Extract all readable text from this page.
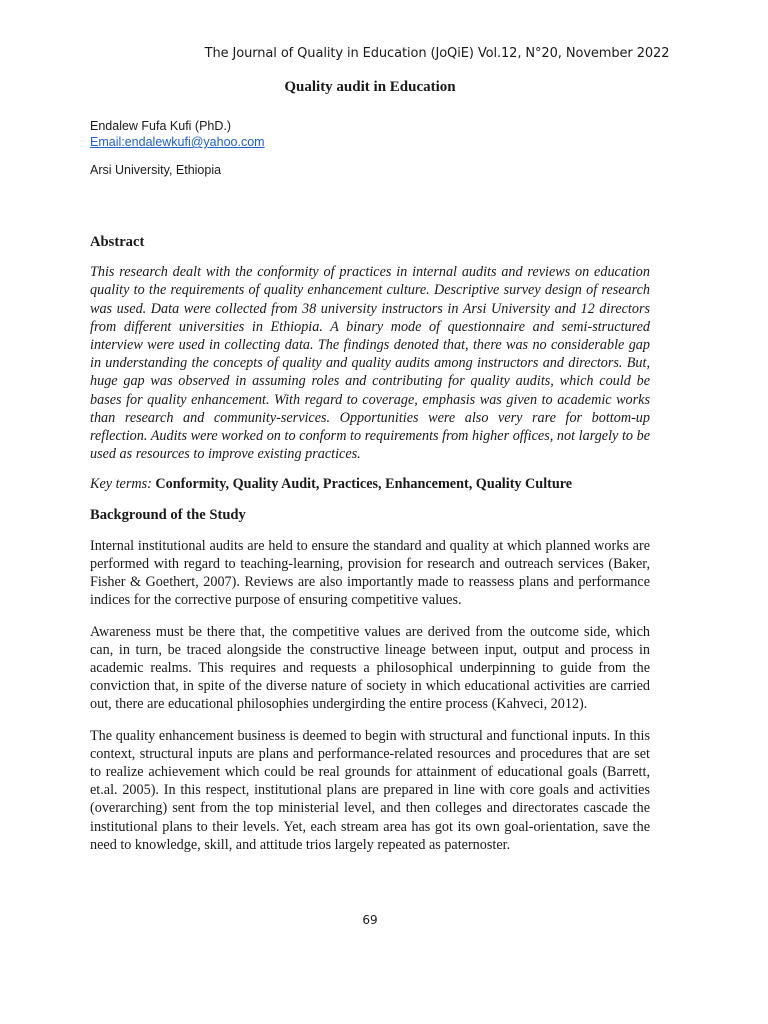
The Journal of Quality in Education (JoQiE) Vol.12, N°20, November 2022
Quality audit in Education
Endalew Fufa Kufi (PhD.)
Email:endalewkufi@yahoo.com
Arsi University, Ethiopia

Abstract

This research dealt with the conformity of practices in internal audits and reviews on education quality to the requirements of quality enhancement culture. Descriptive survey design of research was used. Data were collected from 38 university instructors in Arsi University and 12 directors from different universities in Ethiopia. A binary mode of questionnaire and semi-structured interview were used in collecting data. The findings denoted that, there was no considerable gap in understanding the concepts of quality and quality audits among instructors and directors. But, huge gap was observed in assuming roles and contributing for quality audits, which could be bases for quality enhancement. With regard to coverage, emphasis was given to academic works than research and community-services. Opportunities were also very rare for bottom-up reflection. Audits were worked on to conform to requirements from higher offices, not largely to be used as resources to improve existing practices.

Key terms: Conformity, Quality Audit, Practices, Enhancement, Quality Culture

Background of the Study

Internal institutional audits are held to ensure the standard and quality at which planned works are performed with regard to teaching-learning, provision for research and outreach services (Baker, Fisher & Goethert, 2007). Reviews are also importantly made to reassess plans and performance indices for the corrective purpose of ensuring competitive values.

Awareness must be there that, the competitive values are derived from the outcome side, which can, in turn, be traced alongside the constructive lineage between input, output and process in academic realms. This requires and requests a philosophical underpinning to guide from the conviction that, in spite of the diverse nature of society in which educational activities are carried out, there are educational philosophies undergirding the entire process (Kahveci, 2012).

The quality enhancement business is deemed to begin with structural and functional inputs. In this context, structural inputs are plans and performance-related resources and procedures that are set to realize achievement which could be real grounds for attainment of educational goals (Barrett, et.al. 2005). In this respect, institutional plans are prepared in line with core goals and activities (overarching) sent from the top ministerial level, and then colleges and directorates cascade the institutional plans to their levels. Yet, each stream area has got its own goal-orientation, save the need to knowledge, skill, and attitude trios largely repeated as paternoster.

69
